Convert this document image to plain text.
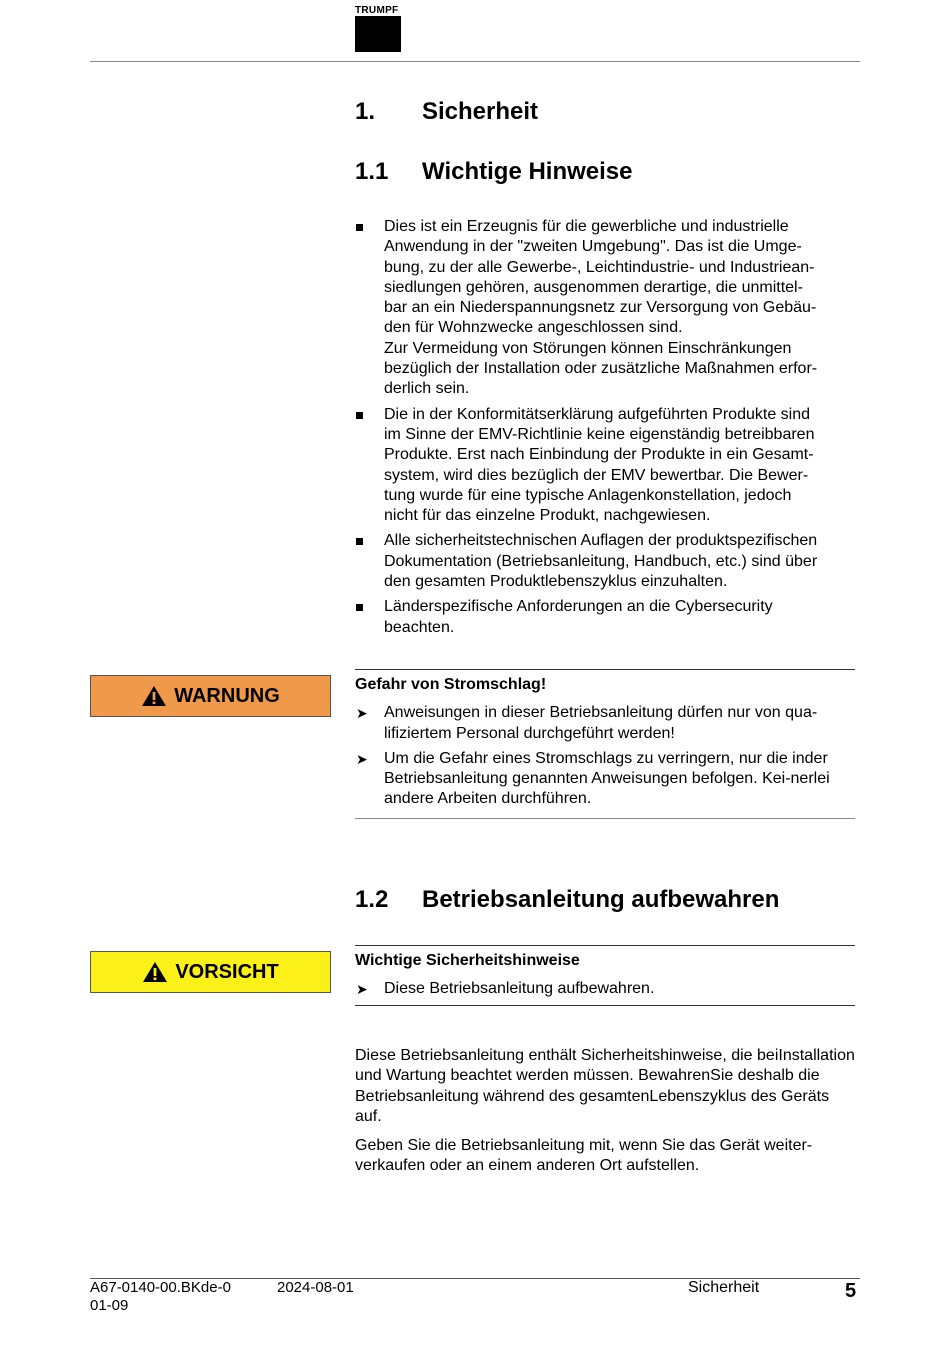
TRUMPF
1. Sicherheit
1.1 Wichtige Hinweise
Dies ist ein Erzeugnis für die gewerbliche und industrielle
Anwendung in der "zweiten Umgebung". Das ist die Umge-
bung, zu der alle Gewerbe-, Leichtindustrie- und Industriean-
siedlungen gehören, ausgenommen derartige, die unmittel-
bar an ein Niederspannungsnetz zur Versorgung von Gebäu-
den für Wohnzwecke angeschlossen sind.
Zur Vermeidung von Störungen können Einschränkungen
bezüglich der Installation oder zusätzliche Maßnahmen erfor-
derlich sein.
Die in der Konformitätserklärung aufgeführten Produkte sind
im Sinne der EMV-Richtlinie keine eigenständig betreibbaren
Produkte. Erst nach Einbindung der Produkte in ein Gesamt-
system, wird dies bezüglich der EMV bewertbar. Die Bewer-
tung wurde für eine typische Anlagenkonstellation, jedoch
nicht für das einzelne Produkt, nachgewiesen.
Alle sicherheitstechnischen Auflagen der produktspezifischen
Dokumentation (Betriebsanleitung, Handbuch, etc.) sind über
den gesamten Produktlebenszyklus einzuhalten.
Länderspezifische Anforderungen an die Cybersecurity
beachten.
WARNUNG	Gefahr von Stromschlag!
➤ Anweisungen in dieser Betriebsanleitung dürfen nur von qua-lifiziertem Personal durchgeführt werden!
➤ Um die Gefahr eines Stromschlags zu verringern, nur die inder Betriebsanleitung genannten Anweisungen befolgen. Kei-nerlei andere Arbeiten durchführen.
1.2 Betriebsanleitung aufbewahren
VORSICHT	Wichtige Sicherheitshinweise
➤ Diese Betriebsanleitung aufbewahren.

Diese Betriebsanleitung enthält Sicherheitshinweise, die beiInstallation und Wartung beachtet werden müssen. BewahrenSie deshalb die Betriebsanleitung während des gesamtenLebenszyklus des Geräts auf.

Geben Sie die Betriebsanleitung mit, wenn Sie das Gerät weiter-verkaufen oder an einem anderen Ort aufstellen.

A67-0140-00.BKde-0
01-09
2024-08-01	Sicherheit	5
